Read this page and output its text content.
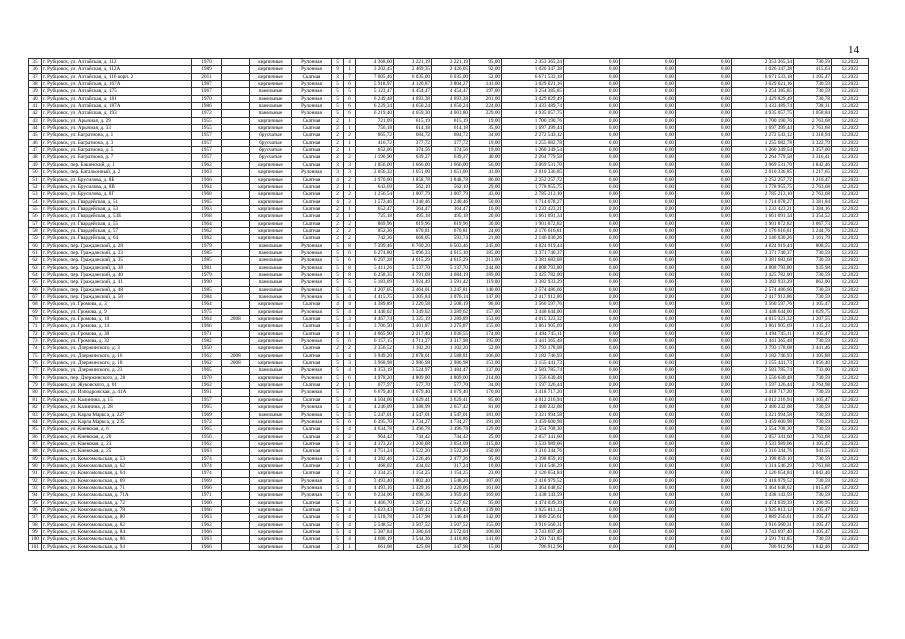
14
35	г. Рубцовск, ул. Алтайская, д. 112	1970		кирпичные	Рулонная	5	4	4 368,60	3 221,19	3 221,19	95,00	2 353 365,34	0,00	0,00	0,00	2 353 365,34	730,59	12.2022
36	г. Рубцовск, ул. Алтайская, д. 112А	1989		кирпичные	Рулонная	9	1	3 202,45	2 469,35	2 426,05	92,00	1 026 347,38	0,00	0,00	0,00	1 026 347,38	415,63	12.2022
37	г. Рубцовск, ул. Алтайская, д. 116 корп. 2	2011		кирпичные	Скатная	3	7	7 005,46	6 035,00	6 035,00	52,00	6 671 533,18	0,00	0,00	0,00	6 671 533,18	1 105,47	12.2022
38	г. Рубцовск, ул. Алтайская, д. 167А	1987		кирпичные	Рулонная	5	6	5 918,97	4 120,87	3 804,27	141,00	3 029 021,16	0,00	0,00	0,00	3 029 021,16	730,59	12.2022
39	г. Рубцовск, ул. Алтайская, д. 175	1967		панельные	Рулонная	5	5	5 123,47	4 454,47	4 454,47	197,00	3 254 385,85	0,00	0,00	0,00	3 254 385,85	730,59	12.2022
40	г. Рубцовск, ул. Алтайская, д. 181	1970		панельные	Рулонная	5	6	6 249,48	4 693,38	4 693,38	201,00	3 429 829,49	0,00	0,00	0,00	3 429 829,49	730,78	12.2022
41	г. Рубцовск, ул. Алтайская, д. 187А	1986		панельные	Рулонная	5	6	6 229,34	4 650,24	4 650,24	224,00	3 433 489,74	0,00	0,00	0,00	3 433 489,74	738,31	12.2022
42	г. Рубцовск, ул. Алтайская, д. 193	1972		панельные	Рулонная	5	6	6 219,40	4 659,30	4 601,80	229,00	4 935 057,75	0,00	0,00	0,00	4 935 057,75	1 058,84	12.2022
43	г. Рубцовск, ул. Арычная, д. 29	1955		кирпичные	Скатная	2	1	721,09	615,19	615,19	19,00	1 700 190,76	0,00	0,00	0,00	1 700 190,76	2 763,68	12.2022
44	г. Рубцовск, ул. Арычная, д. 33	1955		кирпичные	Скатная	2	1	756,18	614,18	614,18	35,00	1 697 399,44	0,00	0,00	0,00	1 697 399,44	2 763,68	12.2022
45	г. Рубцовск, ул. Багратиона, д. 1	1957		брусчатые	Скатная	2	2	865,72	684,72	684,72	34,00	2 272 543,12	0,00	0,00	0,00	2 272 543,12	3 318,94	12.2022
46	г. Рубцовск, ул. Багратиона, д. 3	1957		брусчатые	Скатная	2	1	416,72	377,72	377,72	19,00	1 255 082,78	0,00	0,00	0,00	1 255 082,78	3 322,79	12.2022
47	г. Рубцовск, ул. Багратиона, д. 5	1957		брусчатые	Скатная	2	1	652,06	374,56	374,56	19,00	1 260 349,54	0,00	0,00	0,00	1 260 349,54	3 357,00	12.2022
48	г. Рубцовск, ул. Багратиона, д. 7	1957		брусчатые	Скатная	2	2	1 190,90	639,37	639,37	40,00	2 264 779,58	0,00	0,00	0,00	2 264 779,58	3 316,41	12.2022
49	г. Рубцовск, пер. Бакинский, д. 1	1962		кирпичные	Скатная	3	3	1 856,00	1 666,00	1 666,00	56,00	3 069 531,70	0,00	0,00	0,00	3 069 531,70	1 842,46	12.2022
50	г. Рубцовск, пер. Батальонный, д. 2	1963		кирпичные	Рулонная	3	3	2 056,33	1 651,00	1 651,00	41,00	2 010 336,85	0,00	0,00	0,00	2 010 336,85	1 217,65	12.2022
51	г. Рубцовск, ул. Брусилова, д. 8Б	1966		кирпичные	Скатная	4	2	1 970,00	1 858,78	1 848,78	86,00	2 252 257,72	0,00	0,00	0,00	2 252 257,72	1 216,47	12.2022
52	г. Рубцовск, ул. Брусилова, д. 8В	1964		кирпичные	Скатная	2	1	643,69	562,10	562,10	29,00	1 778 955,75	0,00	0,00	0,00	1 778 955,75	2 763,68	12.2022
53	г. Рубцовск, ул. Брусилова, д. 8Г	1968		кирпичные	Скатная	2	2	1 256,54	1 007,79	1 007,79	43,00	2 785 213,10	0,00	0,00	0,00	2 785 213,10	2 763,68	12.2022
54	г. Рубцовск, ул. Гвардейская, д. 51	1965		кирпичные	Скатная	4	2	1 572,46	1 240,46	1 240,46	50,00	1 714 078,27	0,00	0,00	0,00	1 714 078,27	3 381,84	12.2022
55	г. Рубцовск, ул. Гвардейская, д. 53	1963		кирпичные	Скатная	2	1	652,47	364,47	364,47	16,00	1 233 423,21	0,00	0,00	0,00	1 233 423,21	3 384,16	12.2022
56	г. Рубцовск, ул. Гвардейская, д. 53Б	1968		кирпичные	Скатная	2	1	725,18	495,18	495,18	20,00	1 661 091,34	0,00	0,00	0,00	1 661 091,34	3 354,52	12.2022
57	г. Рубцовск, ул. Гвардейская, д. 55	1964		кирпичные	Скатная	2	2	869,96	619,96	619,96	30,00	1 901 872,82	0,00	0,00	0,00	1 901 872,82	3 067,73	12.2022
58	г. Рубцовск, ул. Гвардейская, д. 57	1962		кирпичные	Скатная	2	2	852,36	670,81	670,81	24,00	2 176 616,81	0,00	0,00	0,00	2 176 616,81	3 244,76	12.2022
59	г. Рубцовск, ул. Гвардейская, д. 64	1962		кирпичные	Скатная	2	2	742,36	668,05	593,74	21,00	2 146 030,26	0,00	0,00	0,00	2 146 030,26	3 161,79	12.2022
60	г. Рубцовск, пер. Гражданский, д. 28	1979		панельные	Рулонная	5	8	7 399,46	6 760,20	6 503,46	245,00	4 824 919,44	0,00	0,00	0,00	4 824 919,44	808,55	12.2022
61	г. Рубцовск, пер. Гражданский, д. 33	1985		панельные	Рулонная	5	6	6 274,80	5 096,33	4 615,10	185,00	3 371 740,37	0,00	0,00	0,00	3 371 740,37	730,59	12.2022
62	г. Рубцовск, пер. Гражданский, д. 35	1985		панельные	Рулонная	5	6	6 297,28	4 615,29	4 615,29	213,00	3 381 683,68	0,00	0,00	0,00	3 381 683,68	730,59	12.2022
63	г. Рубцовск, пер. Гражданский, д. 38	1981		панельные	Рулонная	5	8	5 411,26	5 137,70	5 137,70	244,00	4 808 793,80	0,00	0,00	0,00	4 808 793,80	935,98	12.2022
64	г. Рубцовск, пер. Гражданский, д. 40	1979		панельные	Рулонная	5	8	6 258,35	4 791,69	4 684,19	189,00	3 425 782,00	0,00	0,00	0,00	3 425 782,00	730,59	12.2022
65	г. Рубцовск, пер. Гражданский, д. 41	1990		панельные	Рулонная	5	5	5 183,09	3 924,49	3 591,42	119,00	3 382 933,29	0,00	0,00	0,00	3 382 933,29	862,00	12.2022
66	г. Рубцовск, пер. Гражданский, д. 48	1985		панельные	Рулонная	5	5	4 207,05	3 464,01	3 247,81	140,00	2 574 486,66	0,00	0,00	0,00	2 574 486,66	730,59	12.2022
67	г. Рубцовск, пер. Гражданский, д. 50	1984		панельные	Рулонная	5	4	4 415,75	3 305,84	3 076,14	147,00	2 417 912,86	0,00	0,00	0,00	2 417 912,86	730,59	12.2022
68	г. Рубцовск, ул. Громова, д. 3	1964		кирпичные	Скатная	4	4	4 389,89	3 220,58	2 508,19	96,00	3 560 597,76	0,00	0,00	0,00	3 560 597,76	1 105,47	12.2022
69	г. Рубцовск, ул. Громова, д. 9	1975		кирпичные	Рулонная	5	4	4 440,02	3 349,02	3 289,62	157,00	3 448 644,00	0,00	0,00	0,00	3 448 644,00	1 029,75	12.2022
70	г. Рубцовск, ул. Громова, д. 10	1964	2008	кирпичные	Скатная	5	3	4 467,74	3 325,19	3 289,89	153,00	4 015 323,32	0,00	0,00	0,00	4 015 323,32	1 207,55	12.2022
71	г. Рубцовск, ул. Громова, д. 14	1966		кирпичные	Скатная	5	4	3 706,50	3 401,87	3 275,87	155,00	3 861 905,69	0,00	0,00	0,00	3 861 905,69	1 135,23	12.2022
72	г. Рубцовск, ул. Громова, д. 30	1971		кирпичные	Скатная	4	1	4 065,90	2 217,40	1 036,55	174,00	4 494 745,11	0,00	0,00	0,00	4 494 745,11	1 105,47	12.2022
73	г. Рубцовск, ул. Громова, д. 32	1982		кирпичные	Рулонная	5	6	6 157,15	4 711,37	4 317,98	195,00	3 441 365,48	0,00	0,00	0,00	3 441 365,48	730,59	12.2022
74	г. Рубцовск, ул. Дзержинского, д. 3	1950		кирпичные	Скатная	2	2	2 356,52	1 102,20	1 102,20	52,00	3 793 178,08	0,00	0,00	0,00	3 793 178,08	3 441,46	12.2022
75	г. Рубцовск, ул. Дзержинского, д. 16	1962	2008	кирпичные	Скатная	5	4	3 949,20	2 878,01	2 588,81	106,00	3 182 746,93	0,00	0,00	0,00	3 182 746,93	1 105,88	12.2022
76	г. Рубцовск, ул. Дзержинского, д. 18	1962	2008	кирпичные	Скатная	5	3	3 968,98	2 986,98	2 986,98	153,00	3 155 441,73	0,00	0,00	0,00	3 155 441,73	1 056,40	12.2022
77	г. Рубцовск, ул. Дзержинского, д. 23	1965		панельные	Рулонная	5	4	4 353,19	3 524,97	3 484,47	137,00	2 583 785,74	0,00	0,00	0,00	2 583 785,74	733,00	12.2022
78	г. Рубцовск, пер. Дзержинского, д. 28	1970		кирпичные	Рулонная	5	6	4 978,20	4 809,00	4 809,00	214,00	3 556 630,48	0,00	0,00	0,00	3 556 630,48	730,59	12.2022
79	г. Рубцовск, ул. Жуковского, д. 01	1962		кирпичные	Скатная	2	1	677,97	577,70	577,70	34,00	1 597 326,44	0,00	0,00	0,00	1 597 326,44	2 764,98	12.2022
80	г. Рубцовск, ул. Изподрожская, д. 41А	1991		кирпичные	Рулонная	5	7	6 679,40	4 679,40	4 679,40	170,00	3 418 717,20	0,00	0,00	0,00	3 418 717,20	730,59	12.2022
81	г. Рубцовск, ул. Калинина, д. 15	1957		кирпичные	Скатная	5	4	4 504,06	3 629,41	3 629,41	85,00	4 012 216,94	0,00	0,00	0,00	4 012 216,94	1 105,47	12.2022
82	г. Рубцовск, ул. Калинина, д. 28	1965		кирпичные	Рулонная	5	4	4 246,09	3 388,99	2 657,42	81,00	2 480 232,08	0,00	0,00	0,00	2 480 232,08	730,59	12.2022
83	г. Рубцовск, ул. Карла Маркса, д. 227	1969		панельные	Рулонная	5	5	5 247,01	4 547,01	4 547,01	181,00	3 321 994,58	0,00	0,00	0,00	3 321 994,58	730,59	12.2022
84	г. Рубцовск, ул. Карла Маркса, д. 235	1972		кирпичные	Рулонная	5	6	6 395,70	4 734,27	4 734,27	191,00	3 459 600,98	0,00	0,00	0,00	3 459 600,98	730,59	12.2022
85	г. Рубцовск, ул. Киевская, д. 6	1965		кирпичные	Скатная	5	4	4 634,78	3 496,78	3 496,78	129,00	2 554 708,30	0,00	0,00	0,00	2 554 708,30	730,59	12.2022
86	г. Рубцовск, ул. Киевская, д. 20	1956		кирпичные	Скатная	2	2	964,42	744,42	744,42	25,00	2 057 341,60	0,00	0,00	0,00	2 057 341,60	2 763,68	12.2022
87	г. Рубцовск, ул. Киевская, д. 23	1962		кирпичные	Скатная	5	4	4 173,22	3 200,08	3 054,09	115,00	3 533 989,06	0,00	0,00	0,00	3 533 989,06	1 105,47	12.2022
88	г. Рубцовск, ул. Киевская, д. 25	1963		кирпичные	Скатная	5	4	4 751,24	3 522,20	3 522,20	150,00	3 316 344,76	0,00	0,00	0,00	3 316 344,76	941,55	12.2022
89	г. Рубцовск, ул. Комсомольская, д. 53	1974		кирпичные	Рулонная	5	4	4 382,46	3 226,46	2 477,26	95,00	2 398 859,10	0,00	0,00	0,00	2 398 859,10	730,59	12.2022
90	г. Рубцовск, ул. Комсомольская, д. 62	1974		кирпичные	Скатная	2	1	468,02	434,02	317,24	10,00	1 314 546,29	0,00	0,00	0,00	1 314 546,29	2 763,68	12.2022
91	г. Рубцовск, ул. Комсомольская, д. 64	1974		кирпичные	Скатная	3	2	2 334,25	1 154,25	1 154,25	23,00	2 126 654,84	0,00	0,00	0,00	2 126 654,84	1 842,46	12.2022
92	г. Рубцовск, ул. Комсомольская, д. 69	1969		кирпичные	Рулонная	5	4	3 493,40	1 802,40	1 548,20	107,00	2 418 979,52	0,00	0,00	0,00	2 418 979,52	730,59	12.2022
93	г. Рубцовск, ул. Комсомольская, д. 71	1966		кирпичные	Рулонная	5	4	4 493,16	3 329,16	3 220,06	161,00	3 464 648,62	0,00	0,00	0,00	3 464 648,62	1 015,87	12.2022
94	г. Рубцовск, ул. Комсомольская, д. 71А	1971		кирпичные	Рулонная	5	6	6 234,06	4 690,36	3 959,46	169,00	3 438 143,59	0,00	0,00	0,00	3 438 143,59	730,59	12.2022
95	г. Рубцовск, ул. Комсомольская, д. 72	1966		кирпичные	Скатная	5	4	4 466,70	3 287,12	2 527,62	95,00	4 474 039,39	0,00	0,00	0,00	4 474 039,39	1 290,95	12.2022
96	г. Рубцовск, ул. Комсомольская, д. 78	1966		кирпичные	Скатная	5	4	5 623,43	3 549,43	3 549,43	139,00	3 925 813,12	0,00	0,00	0,00	3 925 813,12	1 105,47	12.2022
97	г. Рубцовск, ул. Комсомольская, д. 80	1963		кирпичные	Скатная	5	4	3 518,78	3 517,98	3 146,48	142,00	3 889 256,61	0,00	0,00	0,00	3 889 256,61	1 105,47	12.2022
98	г. Рубцовск, ул. Комсомольская, д. 82	1962		кирпичные	Скатная	5	4	5 548,52	3 507,52	3 507,52	155,00	3 916 560,31	0,00	0,00	0,00	3 916 560,31	1 105,47	12.2022
99	г. Рубцовск, ул. Комсомольская, д. 84	1966		кирпичные	Скатная	5	4	5 387,84	3 386,64	2 572,04	100,00	3 743 697,40	0,00	0,00	0,00	3 743 697,40	1 105,47	12.2022
100	г. Рубцовск, ул. Комсомольская, д. 86	1963		кирпичные	Скатная	5	4	4 680,19	3 544,36	3 410,86	141,00	2 591 741,85	0,00	0,00	0,00	2 591 741,85	730,59	12.2022
101	г. Рубцовск, ул. Комсомольская, д. 94	1966		кирпичные	Скатная	3	1	661,08	425,08	347,98	15,00	786 912,96	0,00	0,00	0,00	786 912,96	1 842,46	12.2022
